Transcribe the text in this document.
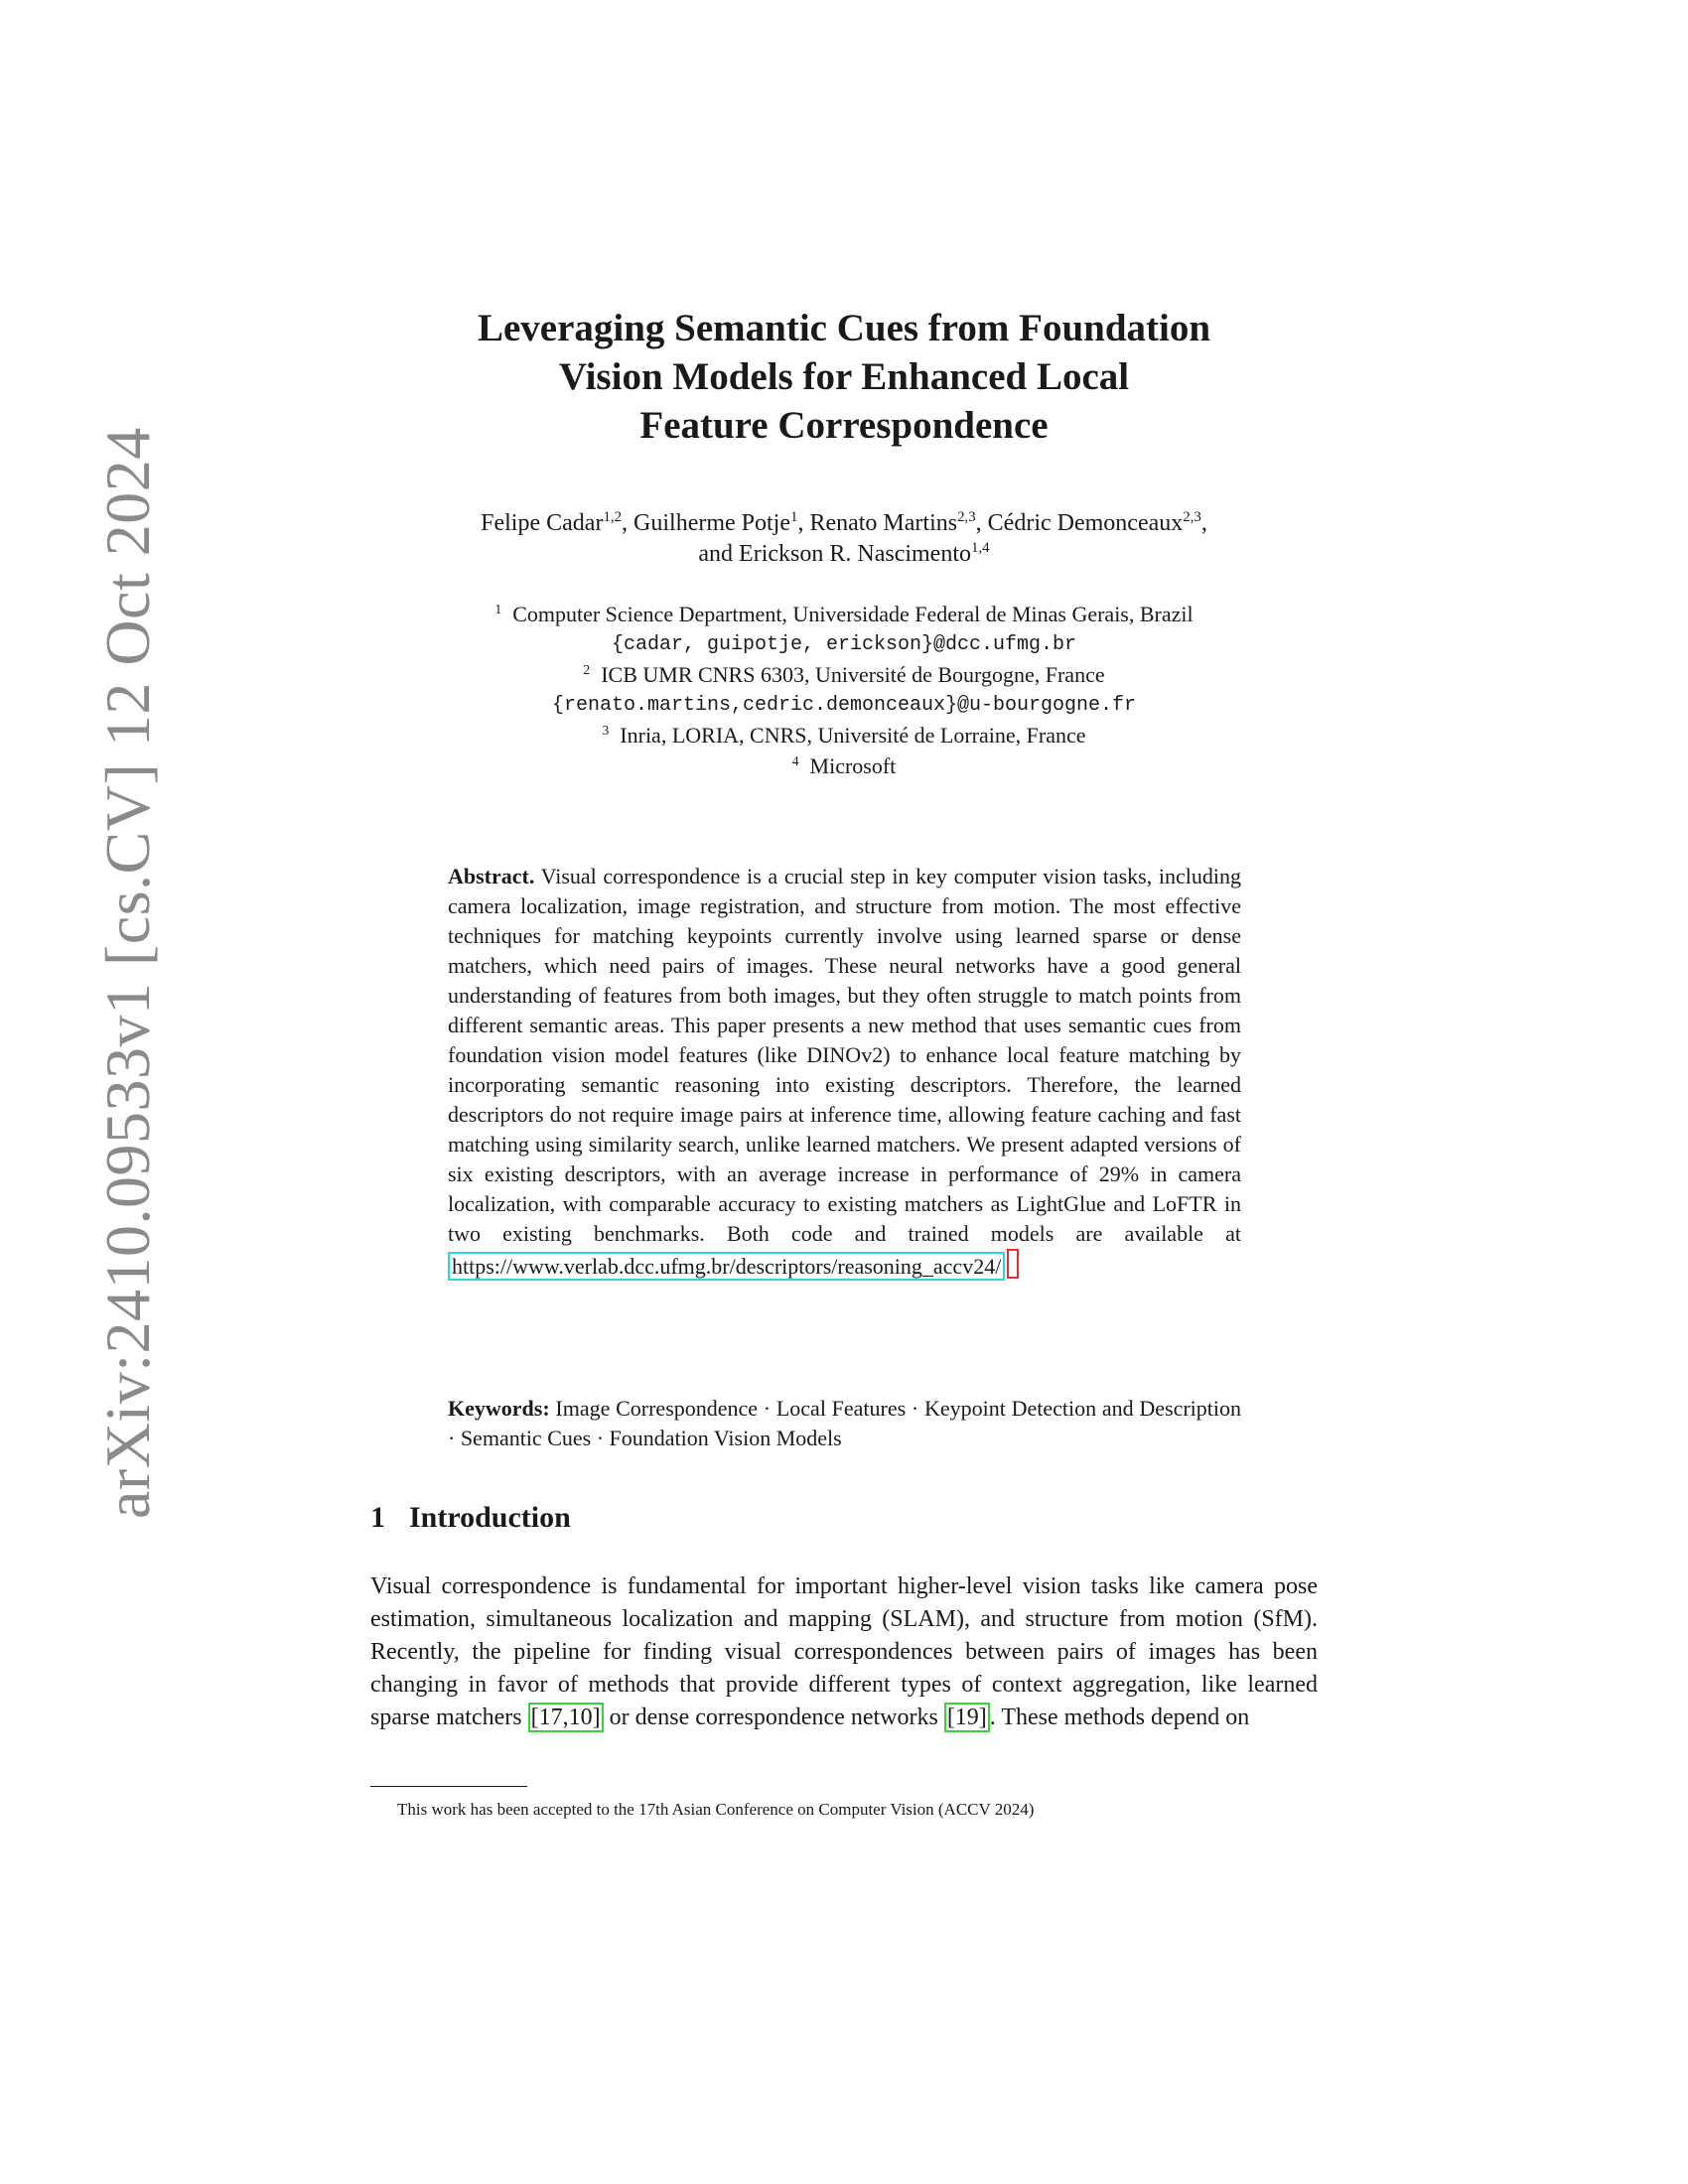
arXiv:2410.09533v1 [cs.CV] 12 Oct 2024
Leveraging Semantic Cues from Foundation
Vision Models for Enhanced Local
Feature Correspondence
Felipe Cadar$^{1,2}$, Guilherme Potje$^1$, Renato Martins$^{2,3}$, Cédric Demonceaux$^{2,3}$,
and Erickson R. Nascimento$^{1,4}$
$^1$ Computer Science Department, Universidade Federal de Minas Gerais, Brazil
{cadar, guipotje, erickson}@dcc.ufmg.br
$^2$ ICB UMR CNRS 6303, Université de Bourgogne, France
{renato.martins,cedric.demonceaux}@u-bourgogne.fr
$^3$ Inria, LORIA, CNRS, Université de Lorraine, France
$^4$ Microsoft
Abstract. Visual correspondence is a crucial step in key computer vision tasks, including camera localization, image registration, and structure from motion. The most effective techniques for matching keypoints currently involve using learned sparse or dense matchers, which need pairs of images. These neural networks have a good general understanding of features from both images, but they often struggle to match points from different semantic areas. This paper presents a new method that uses semantic cues from foundation vision model features (like DINOv2) to enhance local feature matching by incorporating semantic reasoning into existing descriptors. Therefore, the learned descriptors do not require image pairs at inference time, allowing feature caching and fast matching using similarity search, unlike learned matchers. We present adapted versions of six existing descriptors, with an average increase in performance of 29% in camera localization, with comparable accuracy to existing matchers as LightGlue and LoFTR in two existing benchmarks. Both code and trained models are available at https://www.verlab.dcc.ufmg.br/descriptors/reasoning_accv24/
Keywords: Image Correspondence · Local Features · Keypoint Detection and Description · Semantic Cues · Foundation Vision Models
1 Introduction
Visual correspondence is fundamental for important higher-level vision tasks like camera pose estimation, simultaneous localization and mapping (SLAM), and structure from motion (SfM). Recently, the pipeline for finding visual correspondences between pairs of images has been changing in favor of methods that provide different types of context aggregation, like learned sparse matchers [17,10] or dense correspondence networks [19] . These methods depend on
This work has been accepted to the 17th Asian Conference on Computer Vision (ACCV 2024)
